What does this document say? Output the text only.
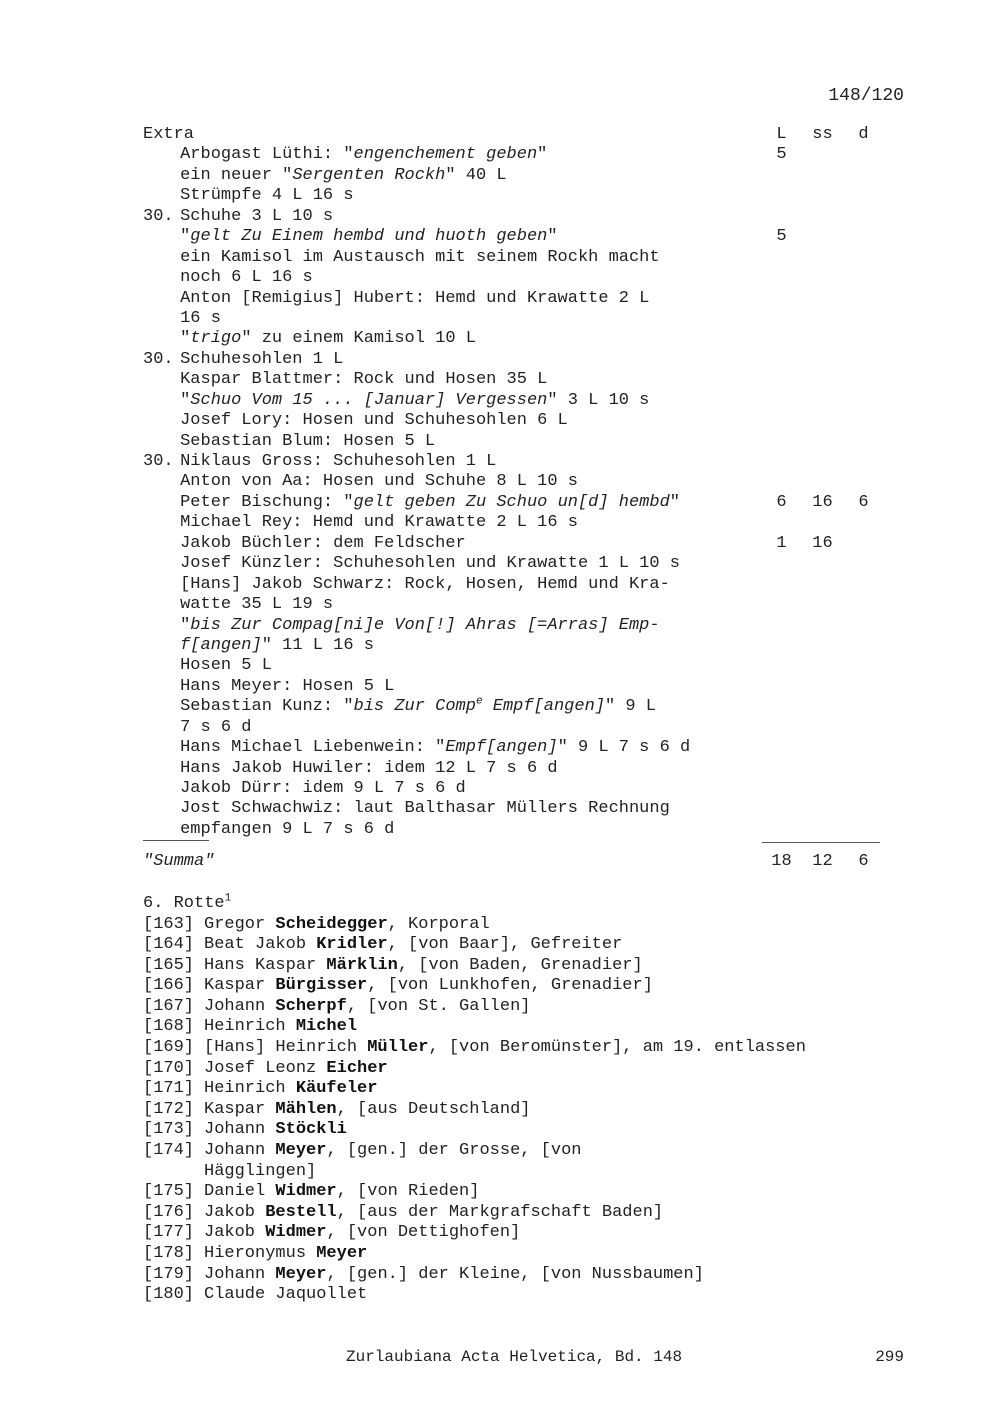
148/120
Extra	L	ss	d
Arbogast Lüthi: "engenchement geben"	5
ein neuer "Sergenten Rockh" 40 L
Strümpfe 4 L 16 s
30. Schuhe 3 L 10 s
"gelt Zu Einem hembd und huoth geben"	5
ein Kamisol im Austausch mit seinem Rockh macht
noch 6 L 16 s
Anton [Remigius] Hubert: Hemd und Krawatte 2 L
16 s
"trigo" zu einem Kamisol 10 L
30. Schuhesohlen 1 L
Kaspar Blattmer: Rock und Hosen 35 L
"Schuo Vom 15 ... [Januar] Vergessen" 3 L 10 s
Josef Lory: Hosen und Schuhesohlen 6 L
Sebastian Blum: Hosen 5 L
30. Niklaus Gross: Schuhesohlen 1 L
Anton von Aa: Hosen und Schuhe 8 L 10 s
Peter Bischung: "gelt geben Zu Schuo un[d] hembd"	6	16	6
Michael Rey: Hemd und Krawatte 2 L 16 s
Jakob Büchler: dem Feldscher	1	16
Josef Künzler: Schuhesohlen und Krawatte 1 L 10 s
[Hans] Jakob Schwarz: Rock, Hosen, Hemd und Kra-
watte 35 L 19 s
"bis Zur Compag[ni]e Von[!] Ahras [=Arras] Emp-
f[angen]" 11 L 16 s
Hosen 5 L
Hans Meyer: Hosen 5 L
Sebastian Kunz: "bis Zur Comp$^e$ Empf[angen]" 9 L
7 s 6 d
Hans Michael Liebenwein: "Empf[angen]" 9 L 7 s 6 d
Hans Jakob Huwiler: idem 12 L 7 s 6 d
Jakob Dürr: idem 9 L 7 s 6 d
Jost Schwachwiz: laut Balthasar Müllers Rechnung
empfangen 9 L 7 s 6 d
"Summa"	18	12	6
6. Rotte$^1$
[163] Gregor Scheidegger, Korporal
[164] Beat Jakob Kridler, [von Baar], Gefreiter
[165] Hans Kaspar Märklin, [von Baden, Grenadier]
[166] Kaspar Bürgisser, [von Lunkhofen, Grenadier]
[167] Johann Scherpf, [von St. Gallen]
[168] Heinrich Michel
[169] [Hans] Heinrich Müller, [von Beromünster], am 19. entlassen
[170] Josef Leonz Eicher
[171] Heinrich Käufeler
[172] Kaspar Mählen, [aus Deutschland]
[173] Johann Stöckli
[174] Johann Meyer, [gen.] der Grosse, [von
Hägglingen]
[175] Daniel Widmer, [von Rieden]
[176] Jakob Bestell, [aus der Markgrafschaft Baden]
[177] Jakob Widmer, [von Dettighofen]
[178] Hieronymus Meyer
[179] Johann Meyer, [gen.] der Kleine, [von Nussbaumen]
[180] Claude Jaquollet
Zurlaubiana Acta Helvetica, Bd. 148	299
